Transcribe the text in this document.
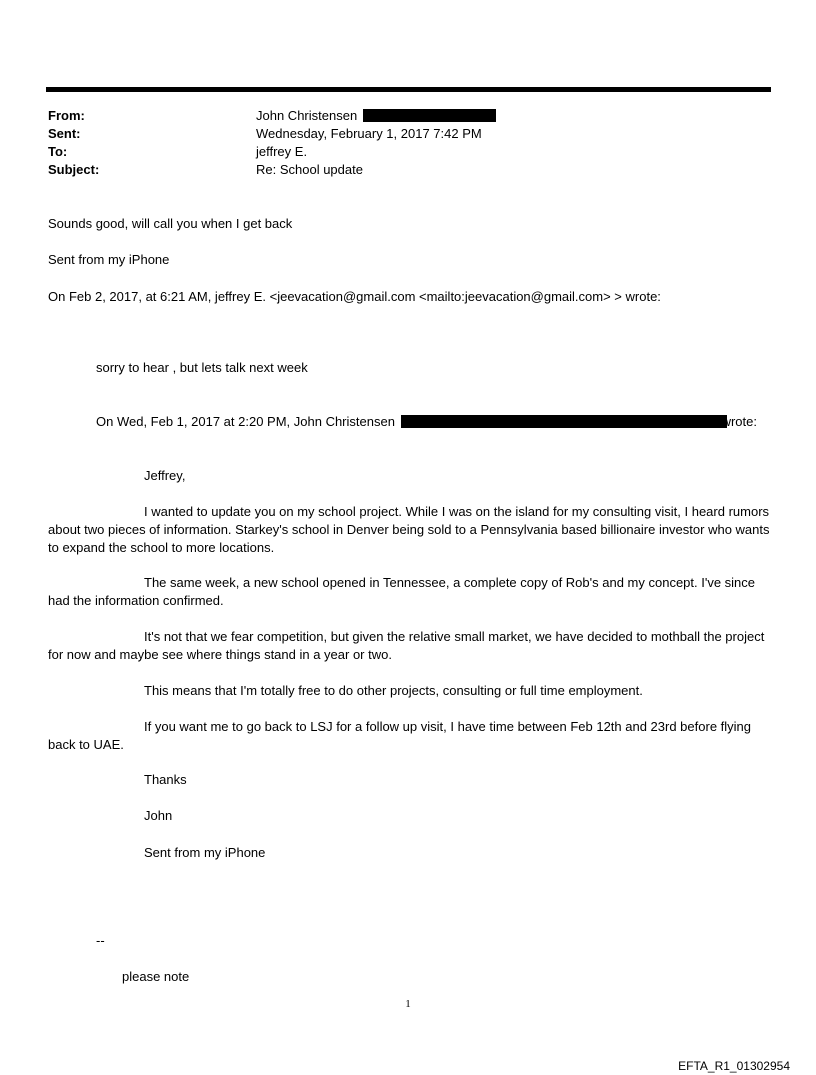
From:	John Christensen
Sent:	Wednesday, February 1, 2017 7:42 PM
To:	jeffrey E.
Subject:	Re: School update
Sounds good, will call you when I get back
Sent from my iPhone
On Feb 2, 2017, at 6:21 AM, jeffrey E. <jeevacation@gmail.com <mailto:jeevacation@gmail.com> > wrote:
sorry to hear , but lets talk next week
On Wed, Feb 1, 2017 at 2:20 PM, John Christensen	wrote:
Jeffrey,
I wanted to update you on my school project. While I was on the island for my consulting visit, I heard rumors about two pieces of information. Starkey's school in Denver being sold to a Pennsylvania based billionaire investor who wants to expand the school to more locations.
The same week, a new school opened in Tennessee, a complete copy of Rob's and my concept. I've since had the information confirmed.
It's not that we fear competition, but given the relative small market, we have decided to mothball the project for now and maybe see where things stand in a year or two.
This means that I'm totally free to do other projects, consulting or full time employment.
If you want me to go back to LSJ for a follow up visit, I have time between Feb 12th and 23rd before flying back to UAE.
Thanks
John
Sent from my iPhone
--
please note
1
EFTA_R1_01302954
